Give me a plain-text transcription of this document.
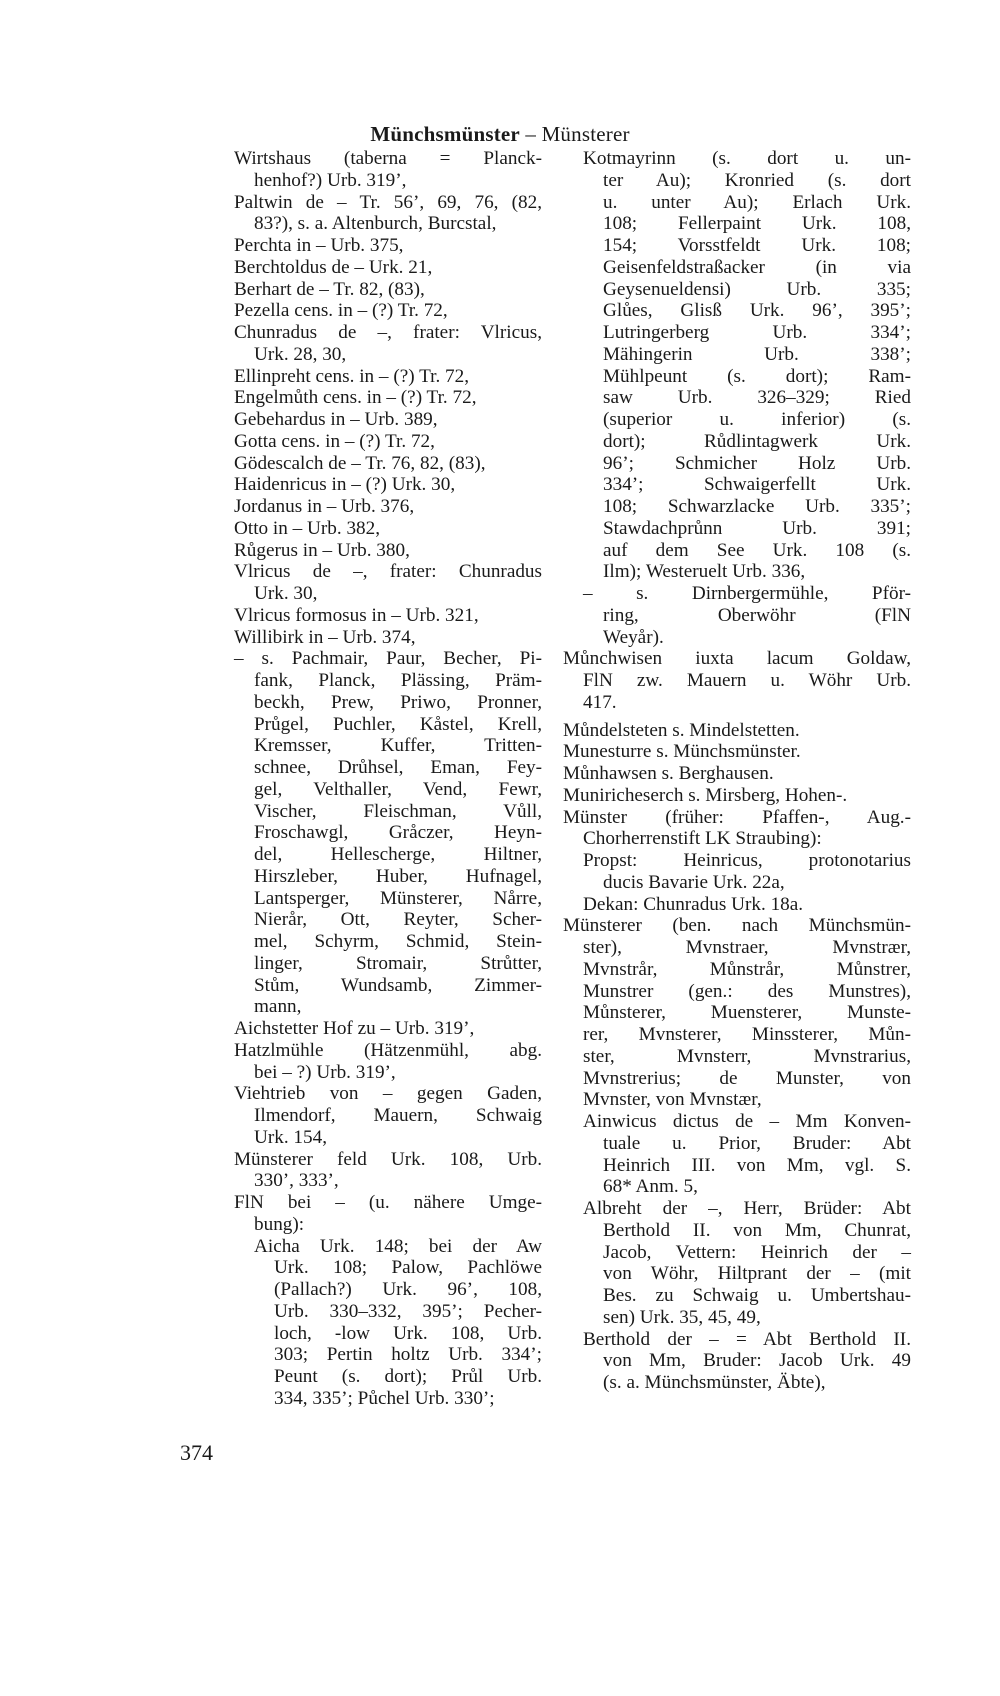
Münchsmünster – Münsterer
Wirtshaus (taberna = Planck-
henhof?) Urb. 319’,
Paltwin de – Tr. 56’, 69, 76, (82,
83?), s. a. Altenburch, Burcstal,
Perchta in – Urb. 375,
Berchtoldus de – Urk. 21,
Berhart de – Tr. 82, (83),
Pezella cens. in – (?) Tr. 72,
Chunradus de –, frater: Vlricus,
Urk. 28, 30,
Ellinpreht cens. in – (?) Tr. 72,
Engelmůth cens. in – (?) Tr. 72,
Gebehardus in – Urb. 389,
Gotta cens. in – (?) Tr. 72,
Gödescalch de – Tr. 76, 82, (83),
Haidenricus in – (?) Urk. 30,
Jordanus in – Urb. 376,
Otto in – Urb. 382,
Růgerus in – Urb. 380,
Vlricus de –, frater: Chunradus
Urk. 30,
Vlricus formosus in – Urb. 321,
Willibirk in – Urb. 374,
– s. Pachmair, Paur, Becher, Pi-
fank, Planck, Plässing, Präm-
beckh, Prew, Priwo, Pronner,
Průgel, Puchler, Kåstel, Krell,
Kremsser, Kuffer, Tritten-
schnee, Drůhsel, Eman, Fey-
gel, Velthaller, Vend, Fewr,
Vischer, Fleischman, Vůll,
Froschawgl, Gråczer, Heyn-
del, Hellescherge, Hiltner,
Hirszleber, Huber, Hufnagel,
Lantsperger, Münsterer, Nårre,
Nierår, Ott, Reyter, Scher-
mel, Schyrm, Schmid, Stein-
linger, Stromair, Strůtter,
Stům, Wundsamb, Zimmer-
mann,
Aichstetter Hof zu – Urb. 319’,
Hatzlmühle (Hätzenmühl, abg.
bei – ?) Urb. 319’,
Viehtrieb von – gegen Gaden,
Ilmendorf, Mauern, Schwaig
Urk. 154,
Münsterer feld Urk. 108, Urb.
330’, 333’,
FlN bei – (u. nähere Umge-
bung):
Aicha Urk. 148; bei der Aw
Urk. 108; Palow, Pachlöwe
(Pallach?) Urk. 96’, 108,
Urb. 330–332, 395’; Pecher-
loch, -low Urk. 108, Urb.
303; Pertin holtz Urb. 334’;
Peunt (s. dort); Průl Urb.
334, 335’; Půchel Urb. 330’;
Kotmayrinn (s. dort u. un-
ter Au); Kronried (s. dort
u. unter Au); Erlach Urk.
108; Fellerpaint Urk. 108,
154; Vorsstfeldt Urk. 108;
Geisenfeldstraßacker (in via
Geysenueldensi) Urb. 335;
Glůes, Glisß Urk. 96’, 395’;
Lutringerberg Urb. 334’;
Mähingerin Urb. 338’;
Mühlpeunt (s. dort); Ram-
saw Urb. 326–329; Ried
(superior u. inferior) (s.
dort); Růdlintagwerk Urk.
96’; Schmicher Holz Urb.
334’; Schwaigerfellt Urk.
108; Schwarzlacke Urb. 335’;
Stawdachprůnn Urb. 391;
auf dem See Urk. 108 (s.
Ilm); Westeruelt Urb. 336,
– s. Dirnbergermühle, Pför-
ring, Oberwöhr (FlN
Weyår).
Můnchwisen iuxta lacum Goldaw,
FlN zw. Mauern u. Wöhr Urb.
417.
Můndelsteten s. Mindelstetten.
Munesturre s. Münchsmünster.
Můnhawsen s. Berghausen.
Muniricheserch s. Mirsberg, Hohen-.
Münster (früher: Pfaffen-, Aug.-
Chorherrenstift LK Straubing):
Propst: Heinricus, protonotarius
ducis Bavarie Urk. 22a,
Dekan: Chunradus Urk. 18a.
Münsterer (ben. nach Münchsmün-
ster), Mvnstraer, Mvnstrær,
Mvnstrår, Můnstrår, Můnstrer,
Munstrer (gen.: des Munstres),
Můnsterer, Muensterer, Munste-
rer, Mvnsterer, Minssterer, Můn-
ster, Mvnsterr, Mvnstrarius,
Mvnstrerius; de Munster, von
Mvnster, von Mvnstær,
Ainwicus dictus de – Mm Konven-
tuale u. Prior, Bruder: Abt
Heinrich III. von Mm, vgl. S.
68* Anm. 5,
Albreht der –, Herr, Brüder: Abt
Berthold II. von Mm, Chunrat,
Jacob, Vettern: Heinrich der –
von Wöhr, Hiltprant der – (mit
Bes. zu Schwaig u. Umbertshau-
sen) Urk. 35, 45, 49,
Berthold der – = Abt Berthold II.
von Mm, Bruder: Jacob Urk. 49
(s. a. Münchsmünster, Äbte),
374
